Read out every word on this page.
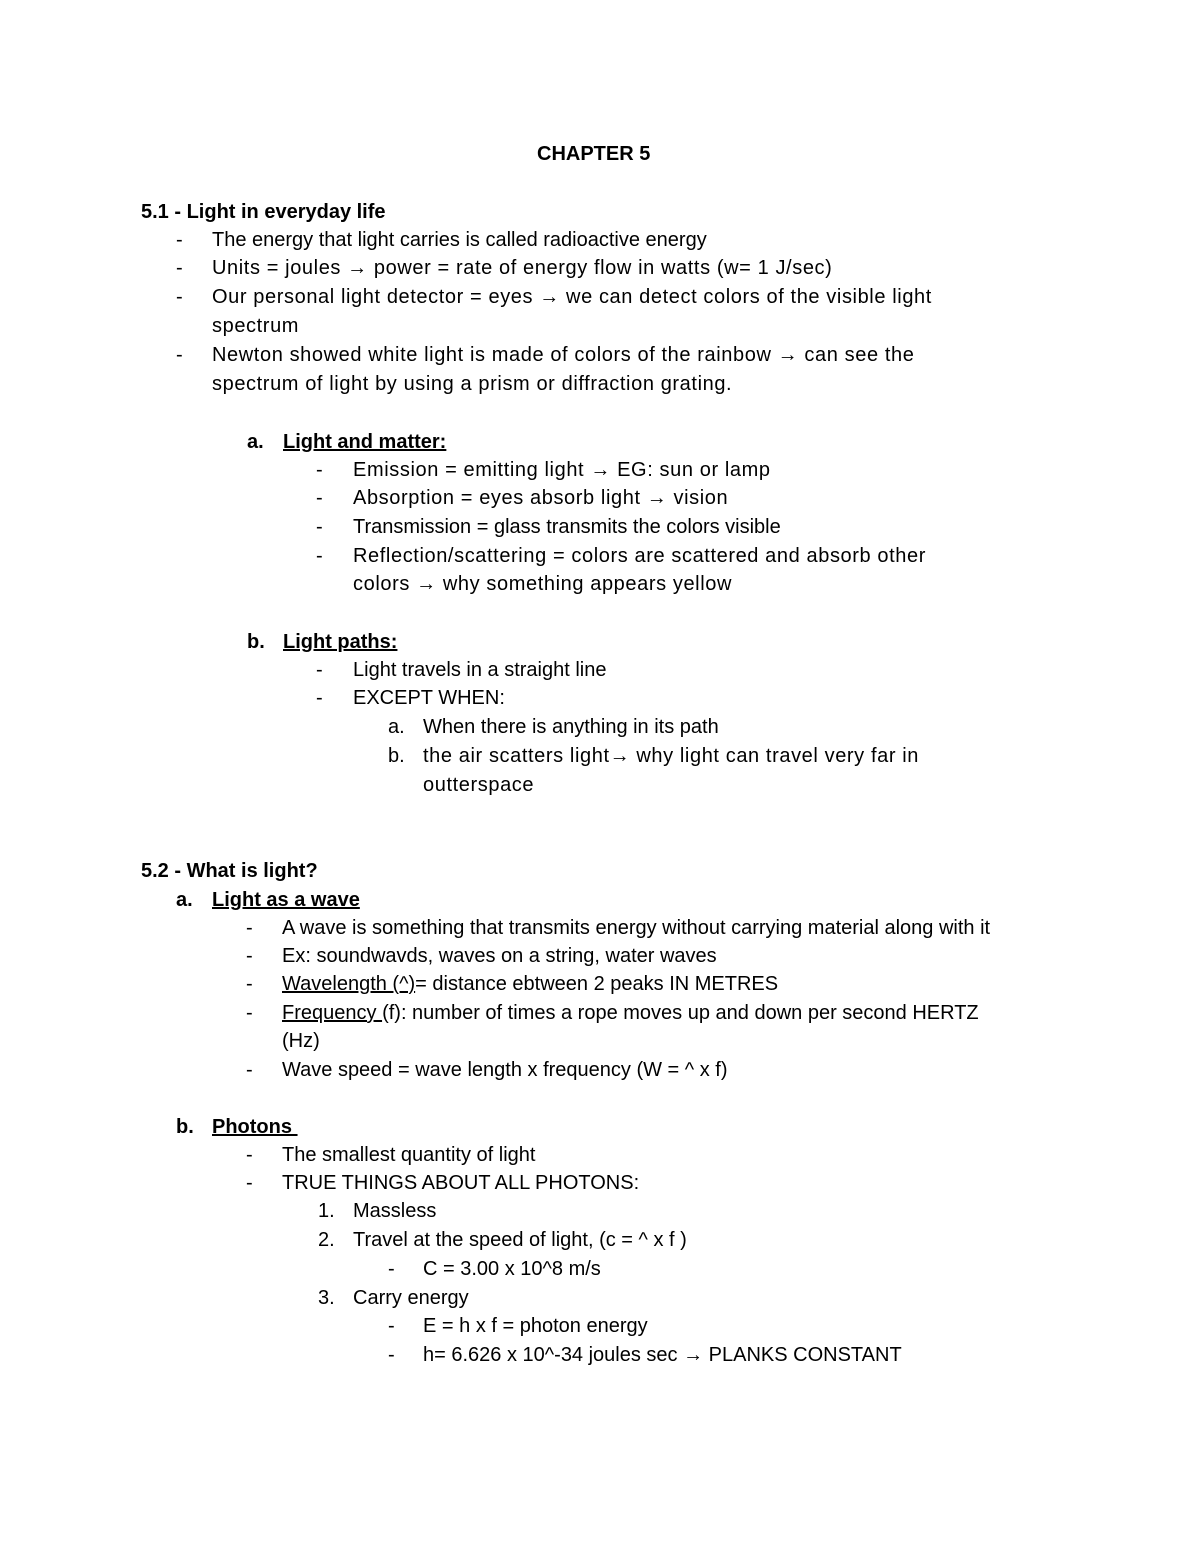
CHAPTER 5
5.1 - Light in everyday life
- The energy that light carries is called radioactive energy
- Units = joules → power = rate of energy flow in watts (w= 1 J/sec)
- Our personal light detector = eyes → we can detect colors of the visible light
spectrum
- Newton showed white light is made of colors of the rainbow → can see the
spectrum of light by using a prism or diffraction grating.
a. Light and matter:
- Emission = emitting light → EG: sun or lamp
- Absorption = eyes absorb light → vision
- Transmission = glass transmits the colors visible
- Reflection/scattering = colors are scattered and absorb other
colors → why something appears yellow
b. Light paths:
- Light travels in a straight line
- EXCEPT WHEN:
a. When there is anything in its path
b. the air scatters light→ why light can travel very far in
outterspace
5.2 - What is light?
a. Light as a wave
- A wave is something that transmits energy without carrying material along with it
- Ex: soundwavds, waves on a string, water waves
- Wavelength (^)= distance ebtween 2 peaks IN METRES
- Frequency (f): number of times a rope moves up and down per second HERTZ
(Hz)
- Wave speed = wave length x frequency (W = ^ x f)
b. Photons
- The smallest quantity of light
- TRUE THINGS ABOUT ALL PHOTONS:
1. Massless
2. Travel at the speed of light, (c = ^ x f )
- C = 3.00 x 10^8 m/s
3. Carry energy
- E = h x f = photon energy
- h= 6.626 x 10^-34 joules sec → PLANKS CONSTANT
